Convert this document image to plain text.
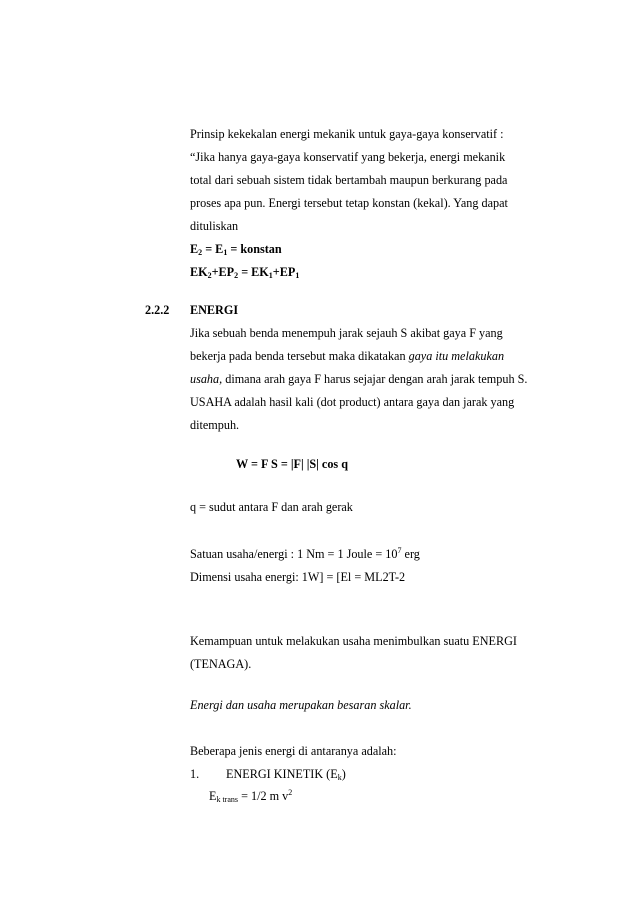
Prinsip kekekalan energi mekanik untuk gaya-gaya konservatif :
“Jika hanya gaya-gaya konservatif yang bekerja, energi mekanik
total dari sebuah sistem tidak bertambah maupun berkurang pada
proses apa pun. Energi tersebut tetap konstan (kekal). Yang dapat
dituliskan
$E_2 = E_1$ = konstan
$EK_2+EP_2 = EK_1+EP_1$
2.2.2 ENERGI
Jika sebuah benda menempuh jarak sejauh S akibat gaya F yang
bekerja pada benda tersebut maka dikatakan gaya itu melakukan
usaha, dimana arah gaya F harus sejajar dengan arah jarak tempuh S.
USAHA adalah hasil kali (dot product) antara gaya dan jarak yang
ditempuh.
W = F S = |F| |S| cos q
q = sudut antara F dan arah gerak
Satuan usaha/energi : 1 Nm = 1 Joule = $10^7$ erg
Dimensi usaha energi: 1W] = [El = ML2T-2
Kemampuan untuk melakukan usaha menimbulkan suatu ENERGI
(TENAGA).
Energi dan usaha merupakan besaran skalar.
Beberapa jenis energi di antaranya adalah:
1. ENERGI KINETIK $(E_k)$
$E_{k trans} = 1/2$ m $v^2$
